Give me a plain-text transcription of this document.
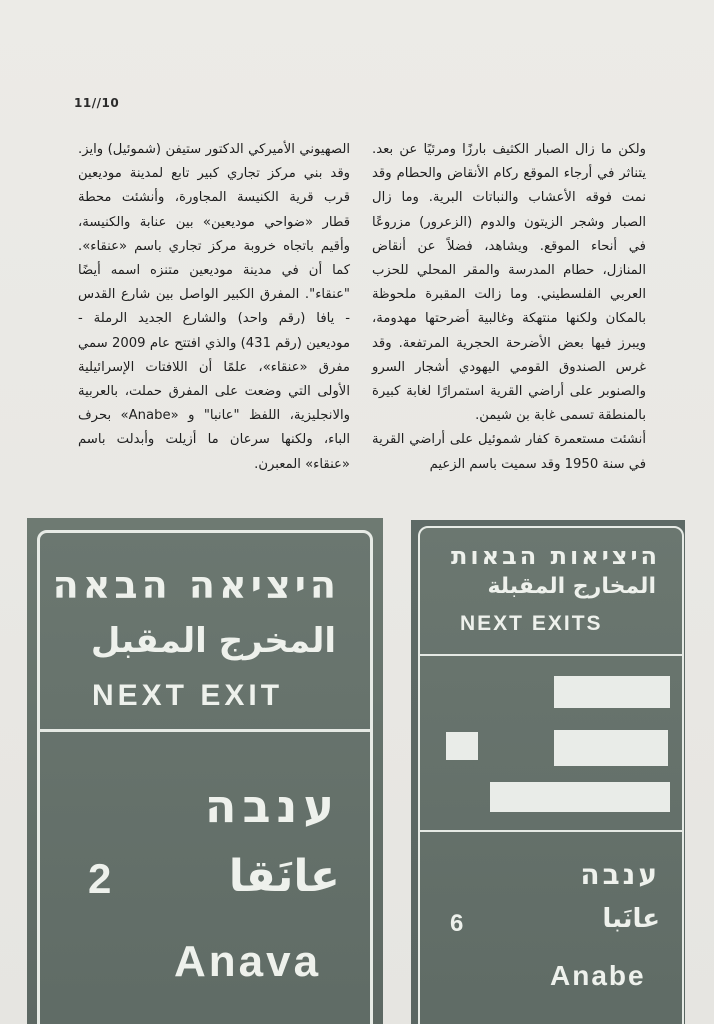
11//10

ولكن ما زال الصبار الكثيف بارزًا ومرئيًا عن بعد. يتناثر في أرجاء الموقع ركام الأنقاض والحطام وقد نمت فوقه الأعشاب والنباتات البرية. وما زال الصبار وشجر الزيتون والدوم (الزعرور) مزروعًا في أنحاء الموقع. ويشاهد، فضلاً عن أنقاض المنازل، حطام المدرسة والمقر المحلي للحزب العربي الفلسطيني. وما زالت المقبرة ملحوظة بالمكان ولكنها منتهكة وغالبية أضرحتها مهدومة، ويبرز فيها بعض الأضرحة الحجرية المرتفعة. وقد غرس الصندوق القومي اليهودي أشجار السرو والصنوبر على أراضي القرية استمرارًا لغابة كبيرة بالمنطقة تسمى غابة بن شيمن.

أنشئت مستعمرة كفار شموئيل على أراضي القرية في سنة 1950 وقد سميت باسم الزعيم

الصهيوني الأميركي الدكتور ستيفن (شموئيل) وايز. وقد بني مركز تجاري كبير تابع لمدينة موديعين قرب قرية الكنيسة المجاورة، وأنشئت محطة قطار «ضواحي موديعين» بين عنابة والكنيسة، وأقيم باتجاه خروبة مركز تجاري باسم «عنقاء». كما أن في مدينة موديعين متنزه اسمه أيضًا "عنقاء". المفرق الكبير الواصل بين شارع القدس - يافا (رقم واحد) والشارع الجديد الرملة - موديعين (رقم 431) والذي افتتح عام 2009 سمي مفرق «عنقاء»، علمًا أن اللافتات الإسرائيلية الأولى التي وضعت على المفرق حملت، بالعربية والانجليزية، اللفظ "عانبا" و «Anabe» بحرف الباء، ولكنها سرعان ما أزيلت وأبدلت باسم «عنقاء» المعبرن.

היציאה הבאה
المخرج المقبل
NEXT EXIT
ענבה
2	عانَقا
Anava
היציאות הבאות
المخارج المقبلة
NEXT EXITS
ענבה
6	عانَبا
Anabe
